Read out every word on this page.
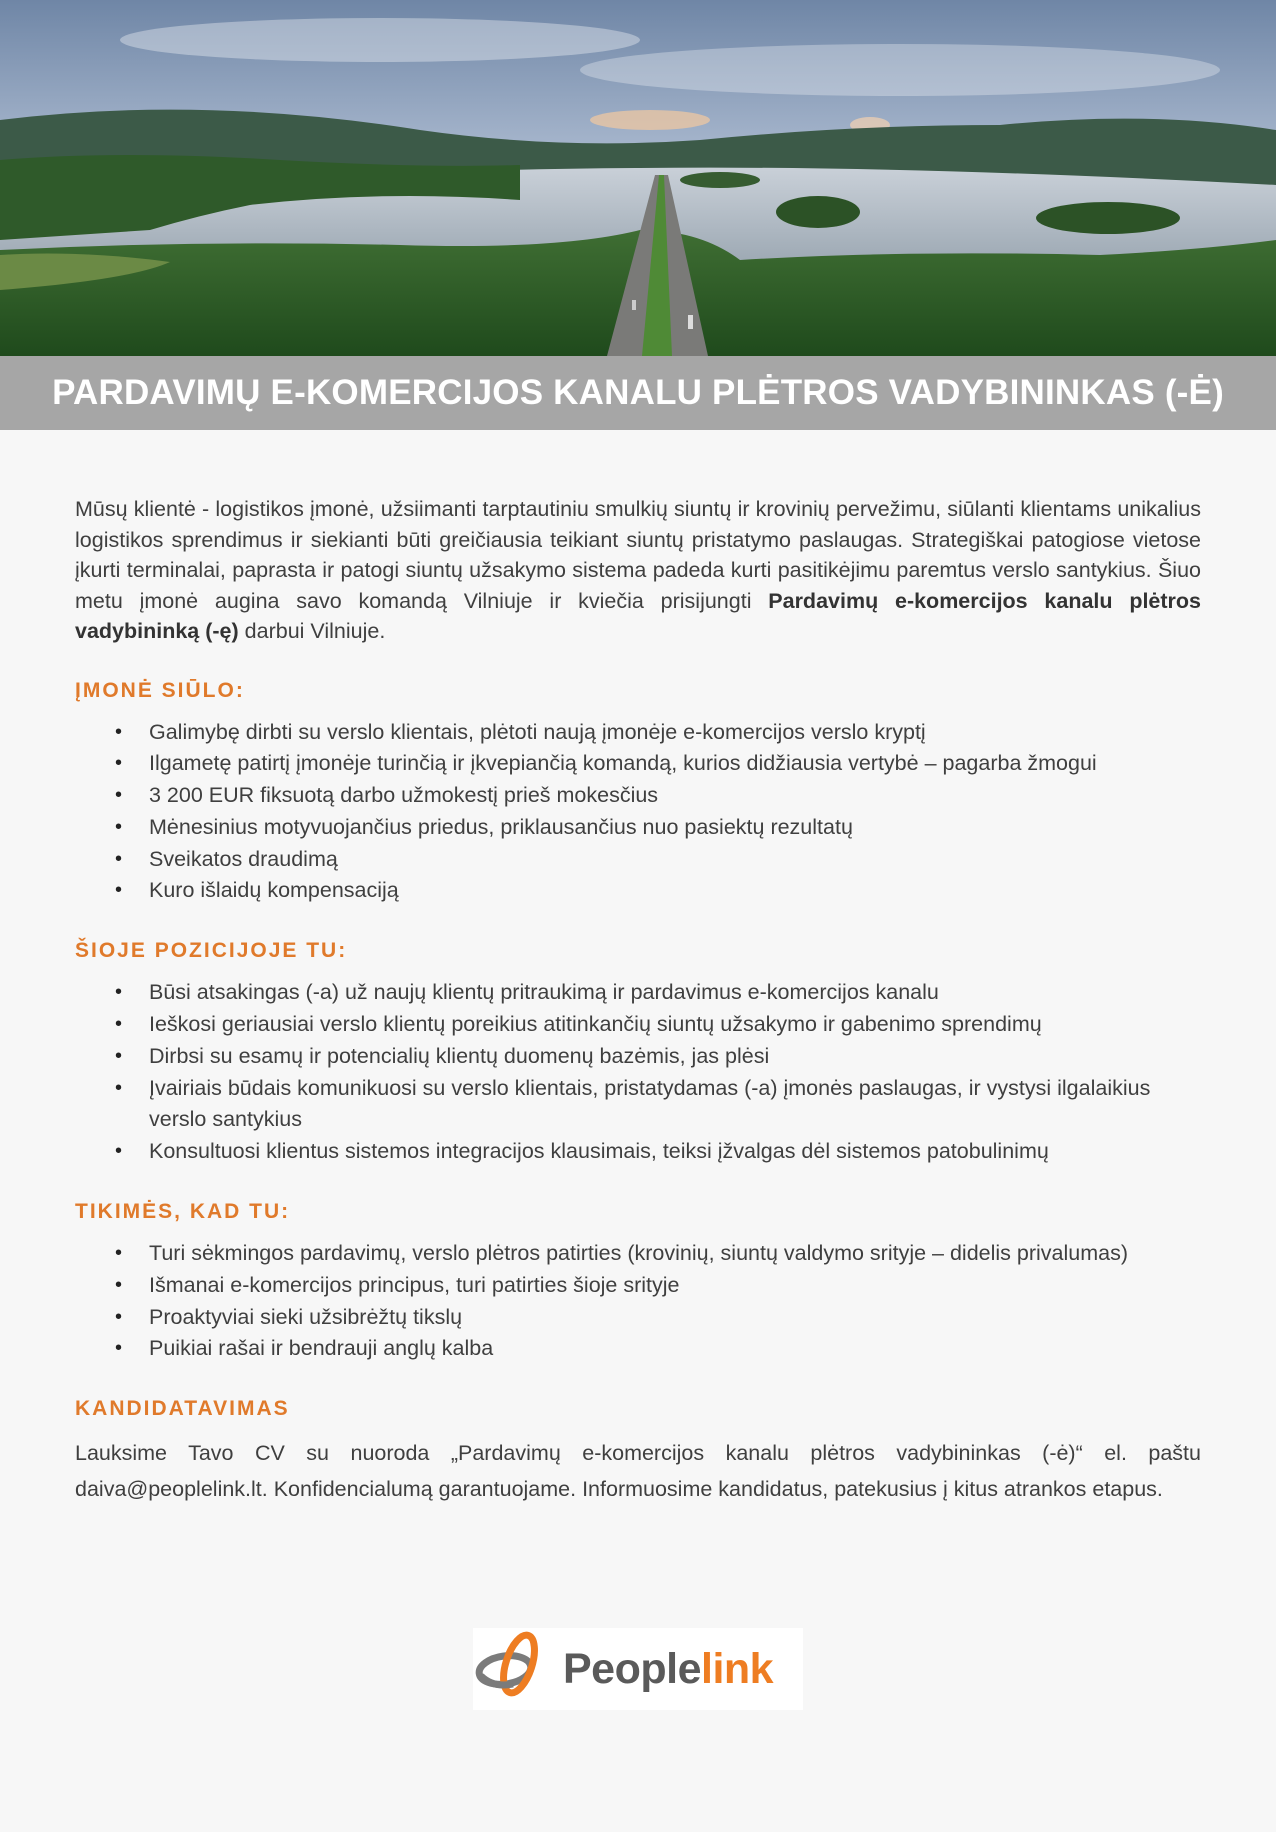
PARDAVIMŲ E-KOMERCIJOS KANALU PLĖTROS VADYBININKAS (-Ė)

Mūsų klientė - logistikos įmonė, užsiimanti tarptautiniu smulkių siuntų ir krovinių pervežimu, siūlanti klientams unikalius logistikos sprendimus ir siekianti būti greičiausia teikiant siuntų pristatymo paslaugas. Strategiškai patogiose vietose įkurti terminalai, paprasta ir patogi siuntų užsakymo sistema padeda kurti pasitikėjimu paremtus verslo santykius. Šiuo metu įmonė augina savo komandą Vilniuje ir kviečia prisijungti Pardavimų e-komercijos kanalu plėtros vadybininką (-ę) darbui Vilniuje.

ĮMONĖ SIŪLO:
• Galimybę dirbti su verslo klientais, plėtoti naują įmonėje e-komercijos verslo kryptį
• Ilgametę patirtį įmonėje turinčią ir įkvepiančią komandą, kurios didžiausia vertybė – pagarba žmogui
• 3 200 EUR fiksuotą darbo užmokestį prieš mokesčius
• Mėnesinius motyvuojančius priedus, priklausančius nuo pasiektų rezultatų
• Sveikatos draudimą
• Kuro išlaidų kompensaciją
ŠIOJE POZICIJOJE TU:
• Būsi atsakingas (-a) už naujų klientų pritraukimą ir pardavimus e-komercijos kanalu
• Ieškosi geriausiai verslo klientų poreikius atitinkančių siuntų užsakymo ir gabenimo sprendimų
• Dirbsi su esamų ir potencialių klientų duomenų bazėmis, jas plėsi
• Įvairiais būdais komunikuosi su verslo klientais, pristatydamas (-a) įmonės paslaugas, ir vystysi ilgalaikius verslo santykius
• Konsultuosi klientus sistemos integracijos klausimais, teiksi įžvalgas dėl sistemos patobulinimų
TIKIMĖS, KAD TU:
• Turi sėkmingos pardavimų, verslo plėtros patirties (krovinių, siuntų valdymo srityje – didelis privalumas)
• Išmanai e-komercijos principus, turi patirties šioje srityje
• Proaktyviai sieki užsibrėžtų tikslų
• Puikiai rašai ir bendrauji anglų kalba
KANDIDATAVIMAS

Lauksime Tavo CV su nuoroda „Pardavimų e-komercijos kanalu plėtros vadybininkas (-ė)“ el. paštu daiva@peoplelink.lt. Konfidencialumą garantuojame. Informuosime kandidatus, patekusius į kitus atrankos etapus.

Peoplelink
